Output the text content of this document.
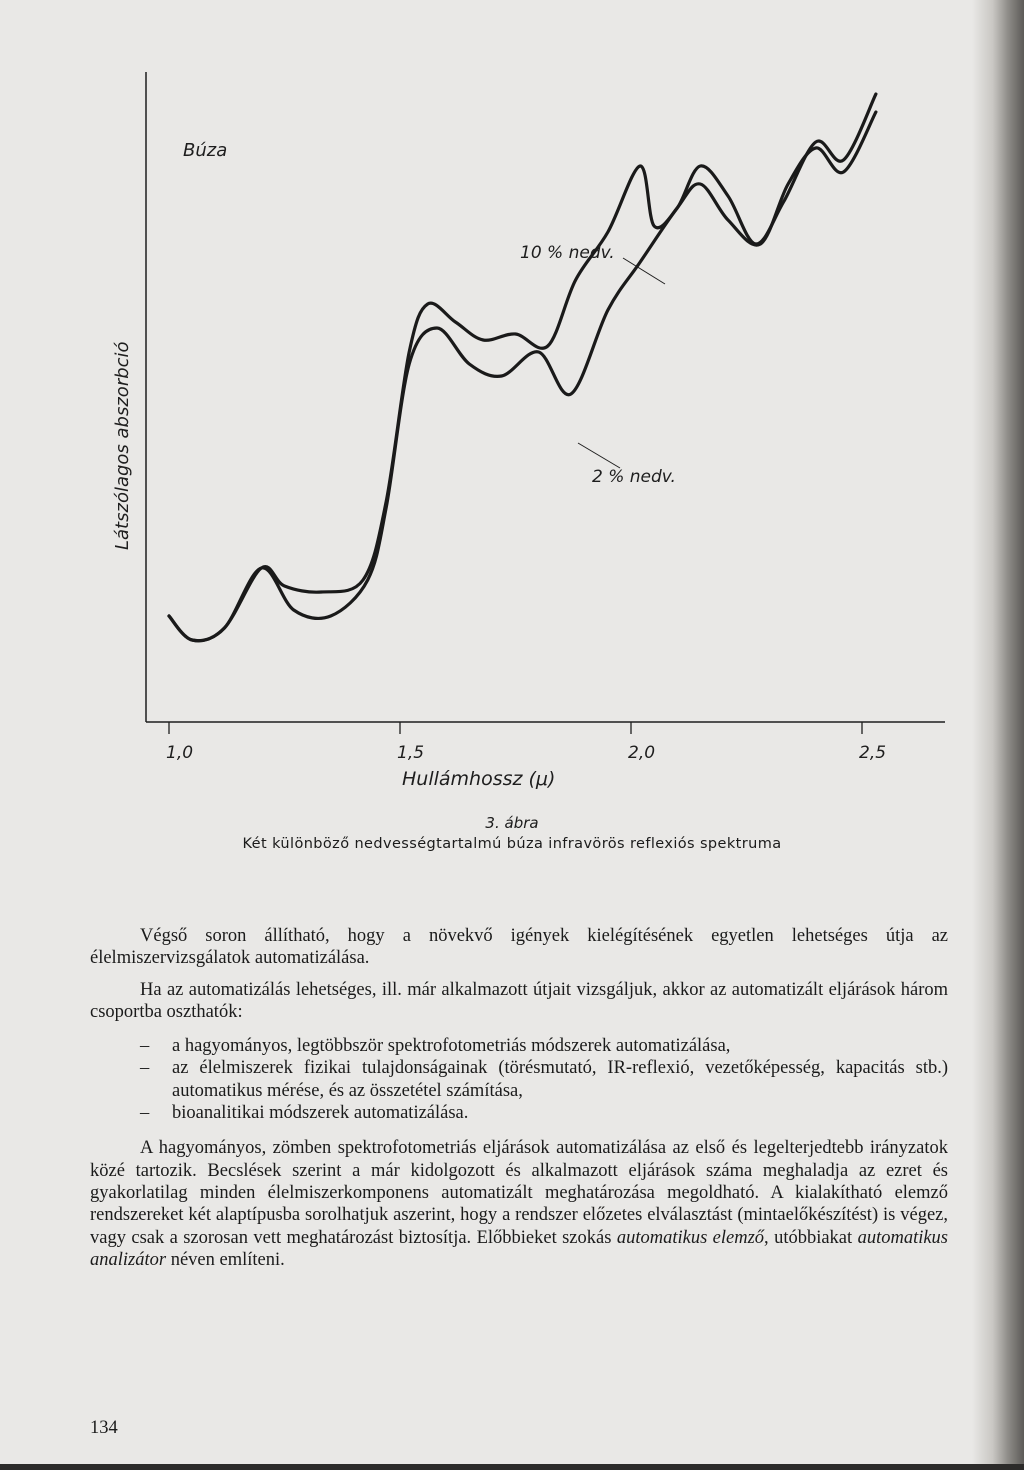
1,0	1,5	2,0	2,5
Búza
Látszólagos abszorbció
Hullámhossz (μ)
10 % nedv.
2 % nedv.
3. ábra
Két különböző nedvességtartalmú búza infravörös reflexiós spektruma

Végső soron állítható, hogy a növekvő igények kielégítésének egyetlen lehetséges útja az élelmiszervizsgálatok automatizálása.

Ha az automatizálás lehetséges, ill. már alkalmazott útjait vizsgáljuk, akkor az automatizált eljárások három csoportba oszthatók:

– a hagyományos, legtöbbször spektrofotometriás módszerek automatizálása,
– az élelmiszerek fizikai tulajdonságainak (törésmutató, IR-reflexió, vezetőképesség, kapacitás stb.) automatikus mérése, és az összetétel számítása,
– bioanalitikai módszerek automatizálása.

A hagyományos, zömben spektrofotometriás eljárások automatizálása az első és legelterjedtebb irányzatok közé tartozik. Becslések szerint a már kidolgozott és alkalmazott eljárások száma meghaladja az ezret és gyakorlatilag minden élelmiszerkomponens automatizált meghatározása megoldható. A kialakítható elemző rendszereket két alaptípusba sorolhatjuk aszerint, hogy a rendszer előzetes elválasztást (mintaelőkészítést) is végez, vagy csak a szorosan vett meghatározást biztosítja. Előbbieket szokás automatikus elemző, utóbbiakat automatikus analizátor néven említeni.

134
